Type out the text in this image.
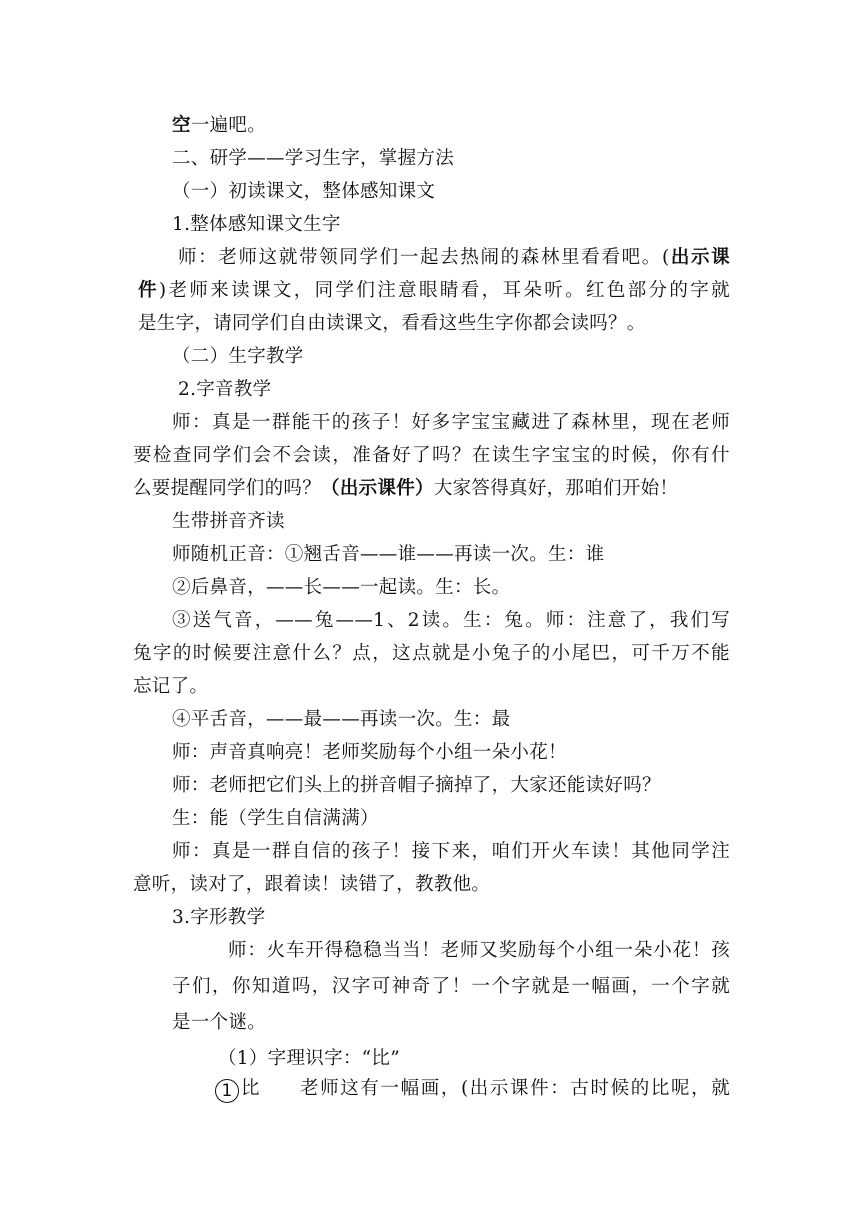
空一遍吧。
二、研学——学习生字，掌握方法
（一）初读课文，整体感知课文
1.整体感知课文生字
师：老师这就带领同学们一起去热闹的森林里看看吧。(出示课
件)老师来读课文，同学们注意眼睛看，耳朵听。红色部分的字就
是生字，请同学们自由读课文，看看这些生字你都会读吗？。
（二）生字教学
2.字音教学
师：真是一群能干的孩子！好多字宝宝藏进了森林里，现在老师
要检查同学们会不会读，准备好了吗？在读生字宝宝的时候，你有什
么要提醒同学们的吗？（出示课件）大家答得真好，那咱们开始！
生带拼音齐读
师随机正音：①翘舌音——谁——再读一次。生：谁
②后鼻音，——长——一起读。生：长。
③送气音，——兔——1、2读。生：兔。师：注意了，我们写
兔字的时候要注意什么？点，这点就是小兔子的小尾巴，可千万不能
忘记了。
④平舌音，——最——再读一次。生：最
师：声音真响亮！老师奖励每个小组一朵小花！
师：老师把它们头上的拼音帽子摘掉了，大家还能读好吗？
生：能（学生自信满满）
师：真是一群自信的孩子！接下来，咱们开火车读！其他同学注
意听，读对了，跟着读！读错了，教教他。
3.字形教学
师：火车开得稳稳当当！老师又奖励每个小组一朵小花！孩
子们，你知道吗，汉字可神奇了！一个字就是一幅画，一个字就
是一个谜。
（1）字理识字：“比”
1 比 老师这有一幅画，(出示课件：古时候的比呢，就
